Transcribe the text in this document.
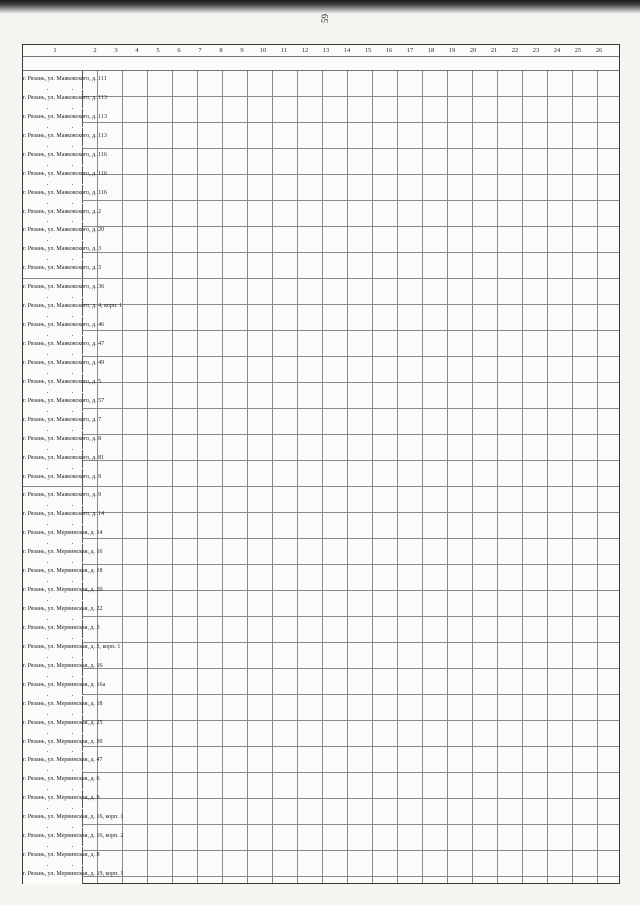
59
1	2	3	4	5	6	7	8	9	10	11	12	13	14	15	16	17	18	19	20	21	22	23	24	25	26
г. Рязань, ул. Маяковского, д. 111
г. Рязань, ул. Маяковского, д. 113
г. Рязань, ул. Маяковского, д. 113
г. Рязань, ул. Маяковского, д. 113
г. Рязань, ул. Маяковского, д. 116
г. Рязань, ул. Маяковского, д. 116
г. Рязань, ул. Маяковского, д. 116
г. Рязань, ул. Маяковского, д. 2
г. Рязань, ул. Маяковского, д. 20
г. Рязань, ул. Маяковского, д. 3
г. Рязань, ул. Маяковского, д. 3
г. Рязань, ул. Маяковского, д. 36
г. Рязань, ул. Маяковского, д. 4, корп. 1
г. Рязань, ул. Маяковского, д. 46
г. Рязань, ул. Маяковского, д. 47
г. Рязань, ул. Маяковского, д. 49
г. Рязань, ул. Маяковского, д. 5
г. Рязань, ул. Маяковского, д. 57
г. Рязань, ул. Маяковского, д. 7
г. Рязань, ул. Маяковского, д. 8
г. Рязань, ул. Маяковского, д. 81
г. Рязань, ул. Маяковского, д. 9
г. Рязань, ул. Маяковского, д. 9
г. Рязань, ул. Маяковского, д. 14
г. Рязань, ул. Мервинская, д. 14
г. Рязань, ул. Мервинская, д. 16
г. Рязань, ул. Мервинская, д. 18
г. Рязань, ул. Мервинская, д. 20
г. Рязань, ул. Мервинская, д. 22
г. Рязань, ул. Мервинская, д. 3
г. Рязань, ул. Мервинская, д. 3, корп. 1
г. Рязань, ул. Мервинская, д. 16
г. Рязань, ул. Мервинская, д. 16а
г. Рязань, ул. Мервинская, д. 18
г. Рязань, ул. Мервинская, д. 25
г. Рязань, ул. Мервинская, д. 30
г. Рязань, ул. Мервинская, д. 47
г. Рязань, ул. Мервинская, д. 6
г. Рязань, ул. Мервинская, д. 9
г. Рязань, ул. Мервинская, д. 16, корп. 1
г. Рязань, ул. Мервинская, д. 16, корп. 2
г. Рязань, ул. Мервинская, д. 8
г. Рязань, ул. Мервинская, д. 19, корп. 1
